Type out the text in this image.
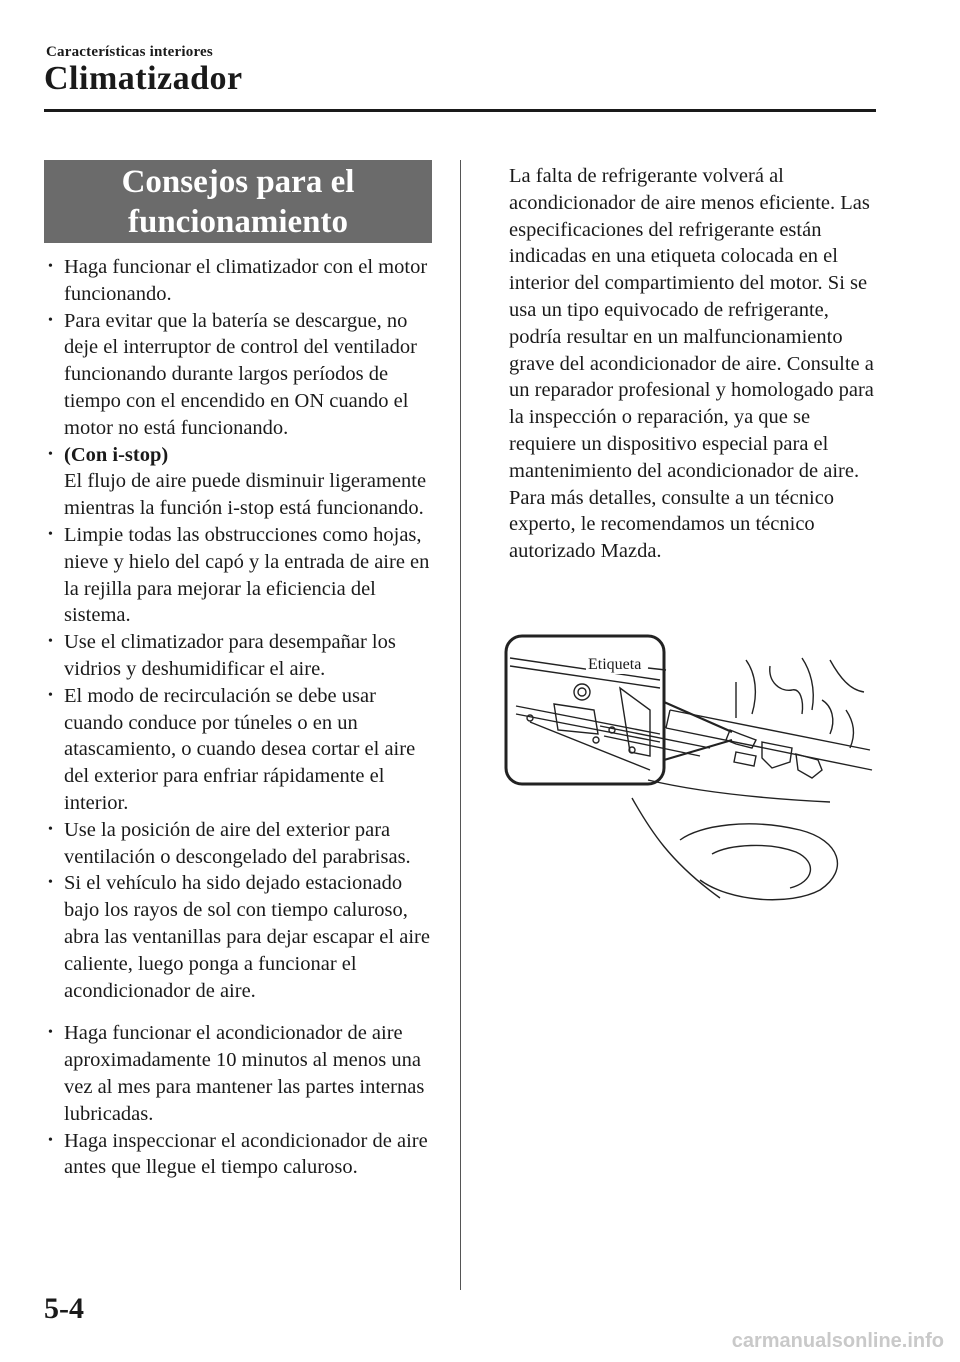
Características interiores
Climatizador
Consejos para el
funcionamiento

• Haga funcionar el climatizador con el motor funcionando.

• Para evitar que la batería se descargue, no deje el interruptor de control del ventilador funcionando durante largos períodos de tiempo con el encendido en ON cuando el motor no está funcionando.

• (Con i-stop)
El flujo de aire puede disminuir ligeramente mientras la función i-stop está funcionando.

• Limpie todas las obstrucciones como hojas, nieve y hielo del capó y la entrada de aire en la rejilla para mejorar la eficiencia del sistema.

• Use el climatizador para desempañar los vidrios y deshumidificar el aire.

• El modo de recirculación se debe usar cuando conduce por túneles o en un atascamiento, o cuando desea cortar el aire del exterior para enfriar rápidamente el interior.

• Use la posición de aire del exterior para ventilación o descongelado del parabrisas.

• Si el vehículo ha sido dejado estacionado bajo los rayos de sol con tiempo caluroso, abra las ventanillas para dejar escapar el aire caliente, luego ponga a funcionar el acondicionador de aire.

• Haga funcionar el acondicionador de aire aproximadamente 10 minutos al menos una vez al mes para mantener las partes internas lubricadas.

• Haga inspeccionar el acondicionador de aire antes que llegue el tiempo caluroso.

La falta de refrigerante volverá al acondicionador de aire menos eficiente. Las especificaciones del refrigerante están indicadas en una etiqueta colocada en el interior del compartimiento del motor. Si se usa un tipo equivocado de refrigerante, podría resultar en un malfuncionamiento grave del acondicionador de aire. Consulte a un reparador profesional y homologado para la inspección o reparación, ya que se requiere un dispositivo especial para el mantenimiento del acondicionador de aire.

Para más detalles, consulte a un técnico experto, le recomendamos un técnico autorizado Mazda.

Etiqueta
5-4
carmanualsonline.info
